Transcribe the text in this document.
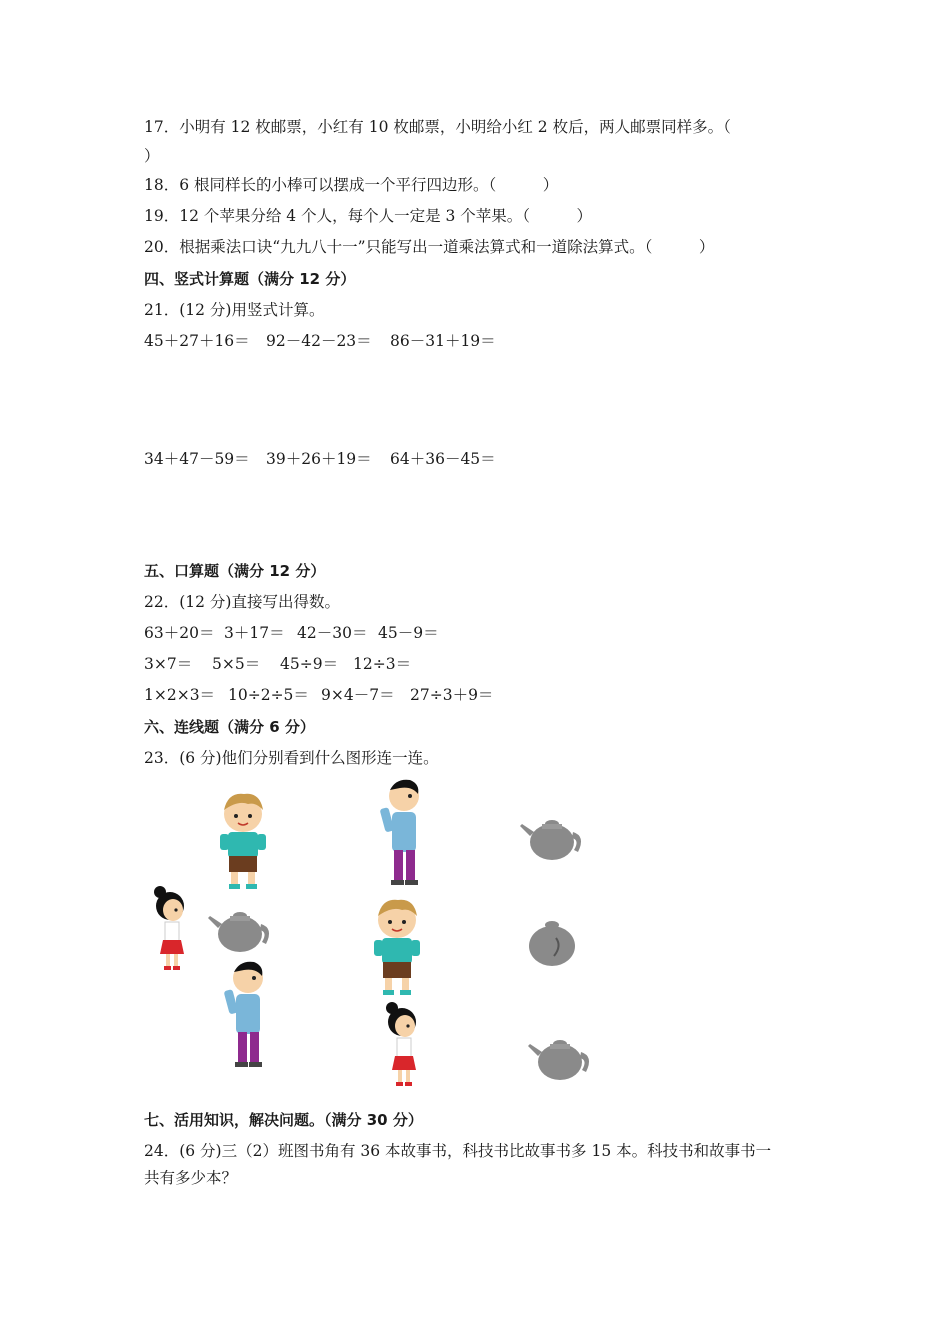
17．小明有 12 枚邮票，小红有 10 枚邮票，小明给小红 2 枚后，两人邮票同样多。（
）
18．6 根同样长的小棒可以摆成一个平行四边形。（　　　）
19．12 个苹果分给 4 个人，每个人一定是 3 个苹果。（　　　）
20．根据乘法口诀“九九八十一”只能写出一道乘法算式和一道除法算式。（　　　）
四、竖式计算题（满分 12 分）
21．(12 分)用竖式计算。
45＋27＋16＝ 92－42－23＝ 86－31＋19＝
34＋47－59＝ 39＋26＋19＝ 64＋36－45＝
五、口算题（满分 12 分）
22．(12 分)直接写出得数。
63＋20＝ 3＋17＝ 42－30＝ 45－9＝
3×7＝ 5×5＝ 45÷9＝ 12÷3＝
1×2×3＝ 10÷2÷5＝ 9×4－7＝ 27÷3＋9＝
六、连线题（满分 6 分）
23．(6 分)他们分别看到什么图形连一连。
七、活用知识，解决问题。（满分 30 分）
24．(6 分)三（2）班图书角有 36 本故事书，科技书比故事书多 15 本。科技书和故事书一
共有多少本？
